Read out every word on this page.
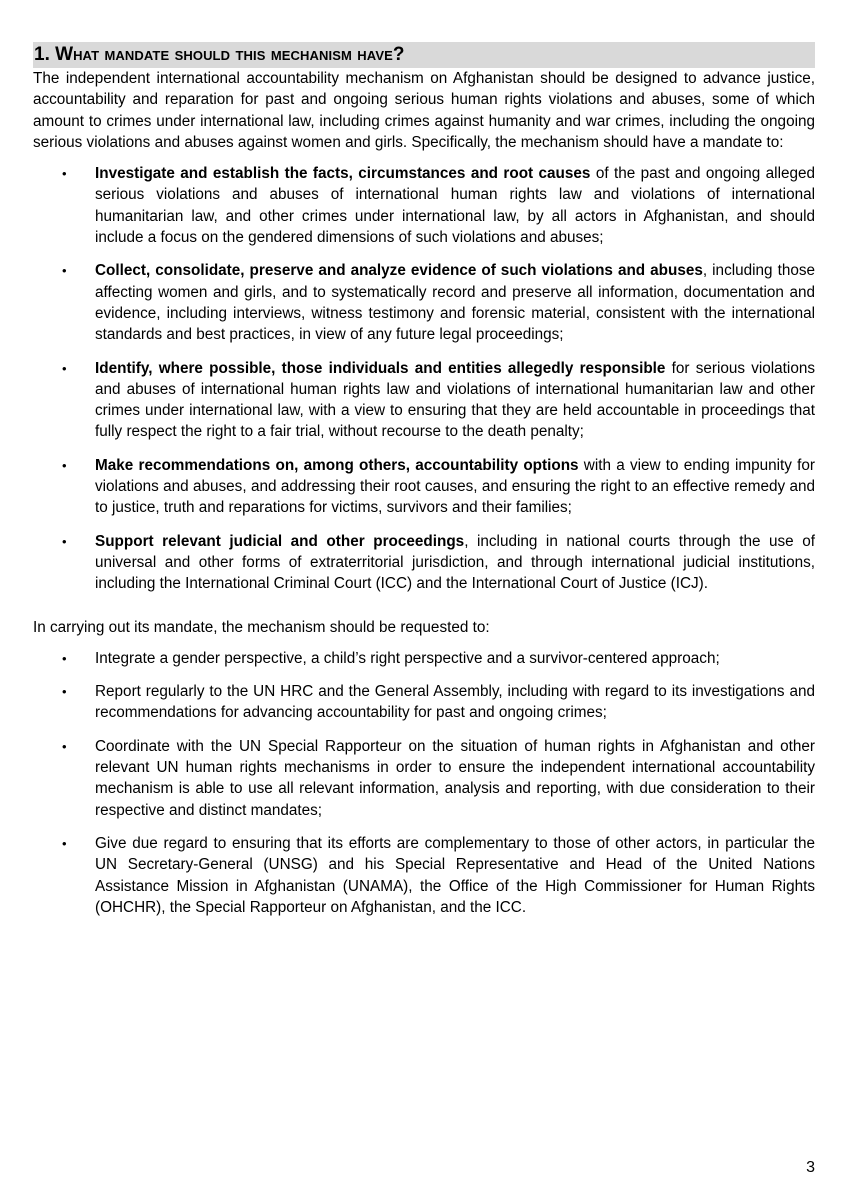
1. What mandate should this mechanism have?

The independent international accountability mechanism on Afghanistan should be designed to advance justice, accountability and reparation for past and ongoing serious human rights violations and abuses, some of which amount to crimes under international law, including crimes against humanity and war crimes, including the ongoing serious violations and abuses against women and girls. Specifically, the mechanism should have a mandate to:

• Investigate and establish the facts, circumstances and root causes of the past and ongoing alleged serious violations and abuses of international human rights law and violations of international humanitarian law, and other crimes under international law, by all actors in Afghanistan, and should include a focus on the gendered dimensions of such violations and abuses;
• Collect, consolidate, preserve and analyze evidence of such violations and abuses, including those affecting women and girls, and to systematically record and preserve all information, documentation and evidence, including interviews, witness testimony and forensic material, consistent with the international standards and best practices, in view of any future legal proceedings;
• Identify, where possible, those individuals and entities allegedly responsible for serious violations and abuses of international human rights law and violations of international humanitarian law and other crimes under international law, with a view to ensuring that they are held accountable in proceedings that fully respect the right to a fair trial, without recourse to the death penalty;
• Make recommendations on, among others, accountability options with a view to ending impunity for violations and abuses, and addressing their root causes, and ensuring the right to an effective remedy and to justice, truth and reparations for victims, survivors and their families;
• Support relevant judicial and other proceedings, including in national courts through the use of universal and other forms of extraterritorial jurisdiction, and through international judicial institutions, including the International Criminal Court (ICC) and the International Court of Justice (ICJ).

In carrying out its mandate, the mechanism should be requested to:

• Integrate a gender perspective, a child’s right perspective and a survivor-centered approach;
• Report regularly to the UN HRC and the General Assembly, including with regard to its investigations and recommendations for advancing accountability for past and ongoing crimes;
• Coordinate with the UN Special Rapporteur on the situation of human rights in Afghanistan and other relevant UN human rights mechanisms in order to ensure the independent international accountability mechanism is able to use all relevant information, analysis and reporting, with due consideration to their respective and distinct mandates;
• Give due regard to ensuring that its efforts are complementary to those of other actors, in particular the UN Secretary-General (UNSG) and his Special Representative and Head of the United Nations Assistance Mission in Afghanistan (UNAMA), the Office of the High Commissioner for Human Rights (OHCHR), the Special Rapporteur on Afghanistan, and the ICC.
3
